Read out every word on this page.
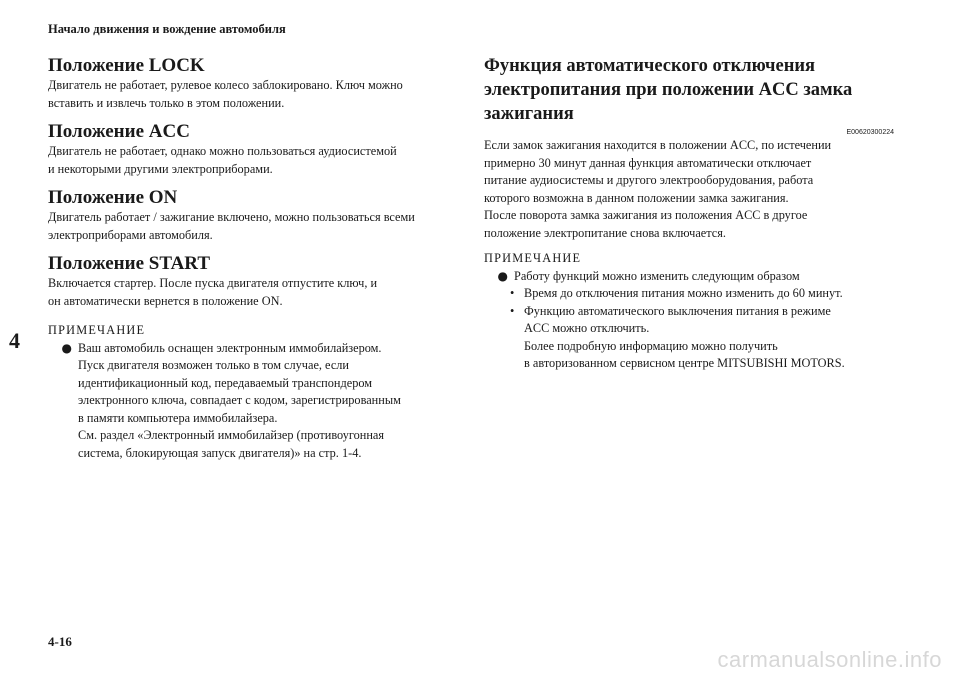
Начало движения и вождение автомобиля
4
Положение LOCK

Двигатель не работает, рулевое колесо заблокировано. Ключ можно
вставить и извлечь только в этом положении.

Положение ACC

Двигатель не работает, однако можно пользоваться аудиосистемой
и некоторыми другими электроприборами.

Положение ON

Двигатель работает / зажигание включено, можно пользоваться всеми
электроприборами автомобиля.

Положение START

Включается стартер. После пуска двигателя отпустите ключ, и
он автоматически вернется в положение ON.

ПРИМЕЧАНИЕ
● Ваш автомобиль оснащен электронным иммобилайзером.
Пуск двигателя возможен только в том случае, если
идентификационный код, передаваемый транспондером
электронного ключа, совпадает с кодом, зарегистрированным
в памяти компьютера иммобилайзера.
См. раздел «Электронный иммобилайзер (противоугонная
система, блокирующая запуск двигателя)» на стр. 1-4.
Функция автоматического отключения
электропитания при положении ACC замка
зажигания
E00620300224

Если замок зажигания находится в положении ACC, по истечении
примерно 30 минут данная функция автоматически отключает
питание аудиосистемы и другого электрооборудования, работа
которого возможна в данном положении замка зажигания.
После поворота замка зажигания из положения ACC в другое
положение электропитание снова включается.

ПРИМЕЧАНИЕ
● Работу функций можно изменить следующим образом
• Время до отключения питания можно изменить до 60 минут.
• Функцию автоматического выключения питания в режиме
ACC можно отключить.
Более подробную информацию можно получить
в авторизованном сервисном центре MITSUBISHI MOTORS.
4-16
carmanualsonline.info
